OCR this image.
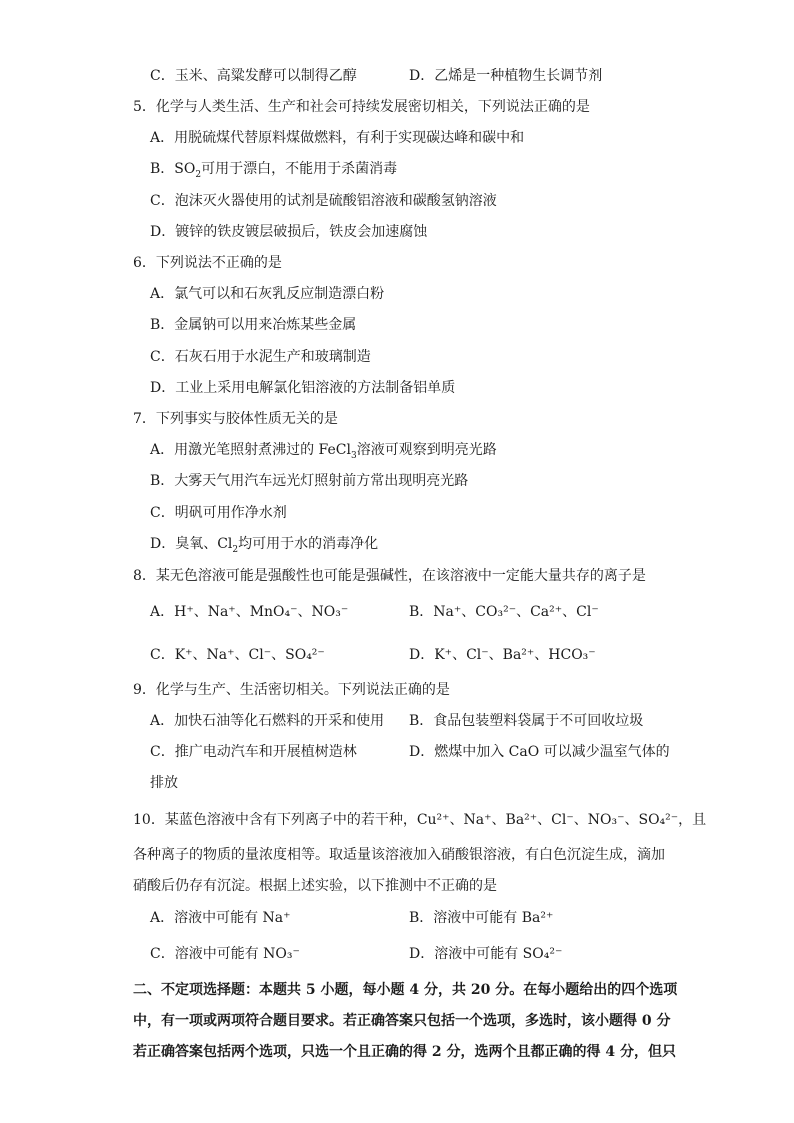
C．玉米、高粱发酵可以制得乙醇	D．乙烯是一种植物生长调节剂
5．化学与人类生活、生产和社会可持续发展密切相关，下列说法正确的是
A．用脱硫煤代替原料煤做燃料，有利于实现碳达峰和碳中和
B．$SO_2$可用于漂白，不能用于杀菌消毒
C．泡沫灭火器使用的试剂是硫酸铝溶液和碳酸氢钠溶液
D．镀锌的铁皮镀层破损后，铁皮会加速腐蚀
6．下列说法不正确的是
A．氯气可以和石灰乳反应制造漂白粉
B．金属钠可以用来冶炼某些金属
C．石灰石用于水泥生产和玻璃制造
D．工业上采用电解氯化铝溶液的方法制备铝单质
7．下列事实与胶体性质无关的是
A．用激光笔照射煮沸过的 FeCl$_3$溶液可观察到明亮光路
B．大雾天气用汽车远光灯照射前方常出现明亮光路
C．明矾可用作净水剂
D．臭氧、$Cl_2$均可用于水的消毒净化
8．某无色溶液可能是强酸性也可能是强碱性，在该溶液中一定能大量共存的离子是
A．H⁺、Na⁺、MnO₄⁻、NO₃⁻	B．Na⁺、CO₃²⁻、Ca²⁺、Cl⁻
C．K⁺、Na⁺、Cl⁻、SO₄²⁻	D．K⁺、Cl⁻、Ba²⁺、HCO₃⁻
9．化学与生产、生活密切相关。下列说法正确的是
A．加快石油等化石燃料的开采和使用 B．食品包装塑料袋属于不可回收垃圾
C．推广电动汽车和开展植树造林	D．燃煤中加入 CaO 可以减少温室气体的
排放
10．某蓝色溶液中含有下列离子中的若干种，Cu²⁺、Na⁺、Ba²⁺、Cl⁻、NO₃⁻、SO₄²⁻，且
各种离子的物质的量浓度相等。取适量该溶液加入硝酸银溶液，有白色沉淀生成，滴加
硝酸后仍存有沉淀。根据上述实验，以下推测中不正确的是
A．溶液中可能有 Na⁺	B．溶液中可能有 Ba²⁺
C．溶液中可能有 NO₃⁻	D．溶液中可能有 SO₄²⁻
二、不定项选择题：本题共 5 小题，每小题 4 分，共 20 分。在每小题给出的四个选项
中，有一项或两项符合题目要求。若正确答案只包括一个选项，多选时，该小题得 0 分
若正确答案包括两个选项，只选一个且正确的得 2 分，选两个且都正确的得 4 分，但只
